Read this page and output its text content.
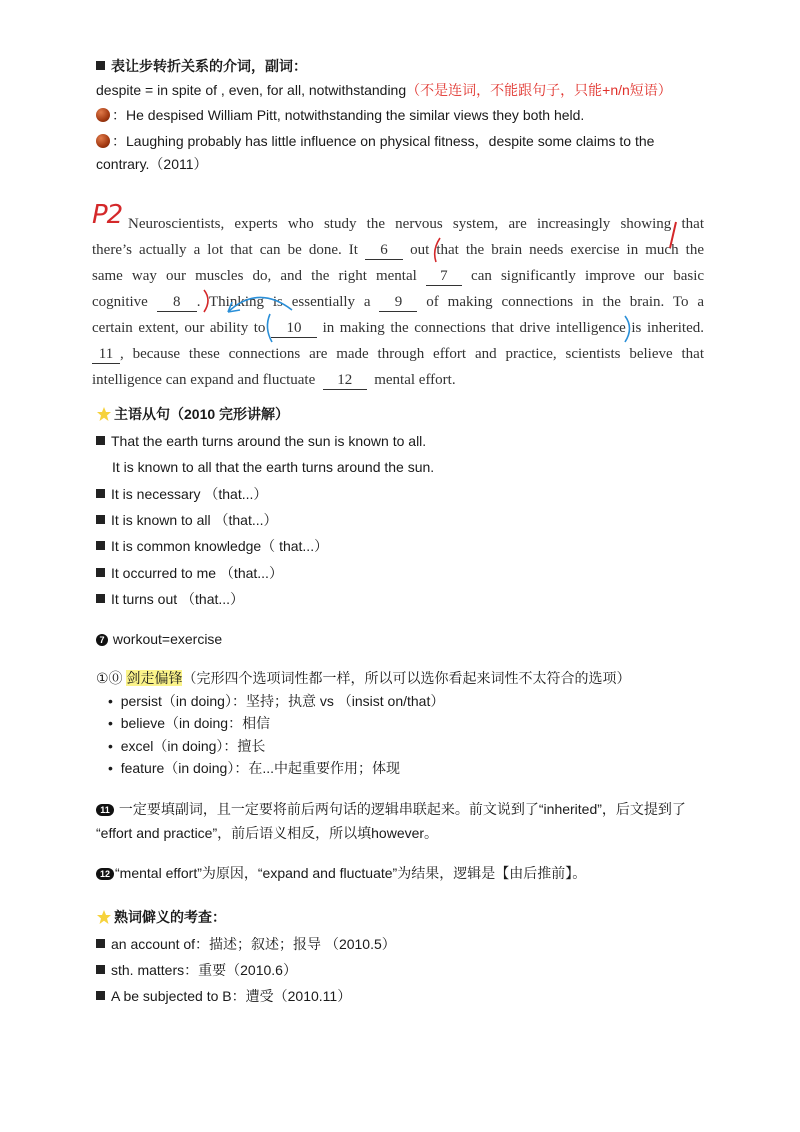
表让步转折关系的介词，副词：
despite = in spite of , even, for all, notwithstanding（不是连词，不能跟句子，只能+n/n短语）
：He despised William Pitt, notwithstanding the similar views they both held.
：Laughing probably has little influence on physical fitness，despite some claims to the
contrary.（2011）
P2 Neuroscientists, experts who study the nervous system, are increasingly showing that
there’s actually a lot that can be done. It 6 out that the brain needs exercise in much the
same way our muscles do, and the right mental 7 can significantly improve our basic
cognitive 8 . Thinking is essentially a 9 of making connections in the brain. To a
certain extent, our ability to 10 in making the connections that drive intelligence is inherited.
11 , because these connections are made through effort and practice, scientists believe that
intelligence can expand and fluctuate 12 mental effort.
主语从句（2010 完形讲解）
That the earth turns around the sun is known to all.
It is known to all that the earth turns around the sun.
It is necessary （that...）
It is known to all （that...）
It is common knowledge（ that...）
It occurred to me （that...）
It turns out （that...）
7 workout=exercise
①⓪ 剑走偏锋（完形四个选项词性都一样，所以可以选你看起来词性不太符合的选项）
•  persist（in doing）：坚持；执意 vs （insist on/that）
•  believe（in doing：相信
•  excel（in doing）：擅长
•  feature（in doing）：在...中起重要作用；体现
11 一定要填副词，且一定要将前后两句话的逻辑串联起来。前文说到了“inherited”，后文提到了
“effort and practice”，前后语义相反，所以填however。
12 “mental effort”为原因，“expand and fluctuate”为结果，逻辑是【由后推前】。
熟词僻义的考查：
an account of：描述；叙述；报导 （2010.5）
sth. matters：重要（2010.6）
A be subjected to B：遭受（2010.11）
